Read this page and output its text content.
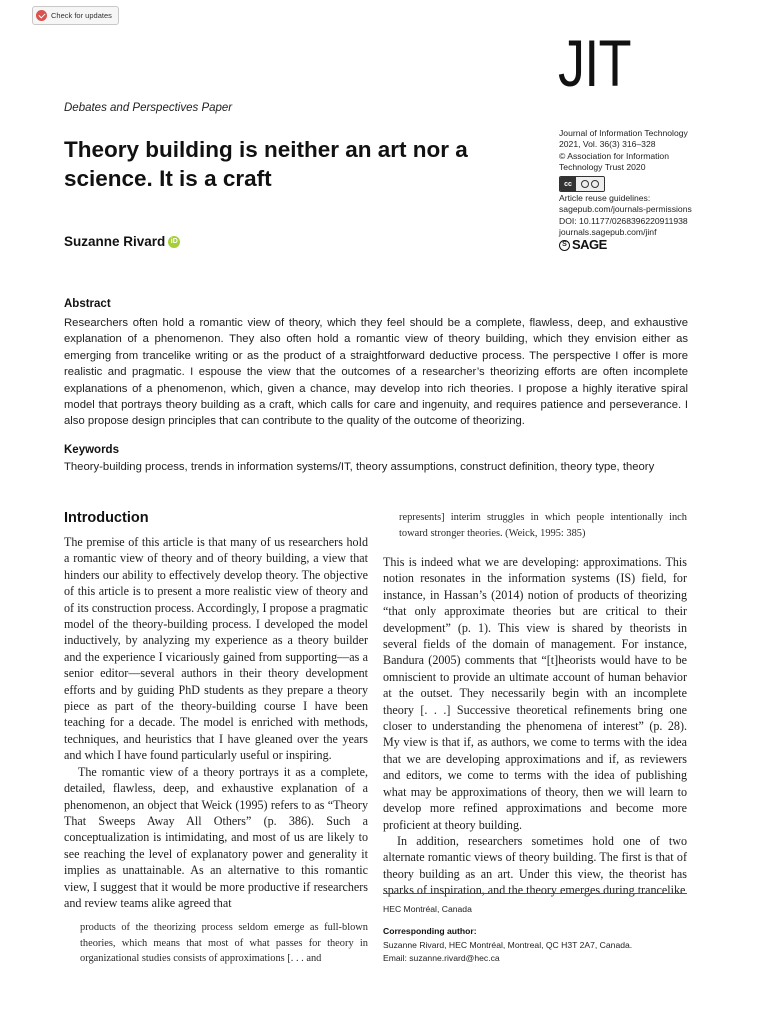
Check for updates
JIT
Debates and Perspectives Paper
Theory building is neither an art nor a science. It is a craft
Suzanne Rivard iD
Journal of Information Technology
2021, Vol. 36(3) 316–328
© Association for Information
Technology Trust 2020
cc
Article reuse guidelines:
sagepub.com/journals-permissions
DOI: 10.1177/0268396220911938
journals.sagepub.com/jinf
S SAGE
Abstract

Researchers often hold a romantic view of theory, which they feel should be a complete, flawless, deep, and exhaustive explanation of a phenomenon. They also often hold a romantic view of theory building, which they envision either as emerging from trancelike writing or as the product of a straightforward deductive process. The perspective I offer is more realistic and pragmatic. I espouse the view that the outcomes of a researcher’s theorizing efforts are often incomplete explanations of a phenomenon, which, given a chance, may develop into rich theories. I propose a highly iterative spiral model that portrays theory building as a craft, which calls for care and ingenuity, and requires patience and perseverance. I also propose design principles that can contribute to the quality of the outcome of theorizing.

Keywords

Theory-building process, trends in information systems/IT, theory assumptions, construct definition, theory type, theory

Introduction

The premise of this article is that many of us researchers hold a romantic view of theory and of theory building, a view that hinders our ability to effectively develop theory. The objective of this article is to present a more realistic view of theory and of its construction process. Accordingly, I propose a pragmatic model of the theory-building process. I developed the model inductively, by analyzing my experience as a theory builder and the experience I vicariously gained from supporting—as a senior editor—several authors in their theory development efforts and by guiding PhD students as they prepare a theory piece as part of the theory-building course I have been teaching for a decade. The model is enriched with methods, techniques, and heuristics that I have gleaned over the years and which I have found particularly useful or inspiring.

The romantic view of a theory portrays it as a complete, detailed, flawless, deep, and exhaustive explanation of a phenomenon, an object that Weick (1995) refers to as “Theory That Sweeps Away All Others” (p. 386). Such a conceptualization is intimidating, and most of us are likely to see reaching the level of explanatory power and generality it implies as unattainable. As an alternative to this romantic view, I suggest that it would be more productive if researchers and review teams alike agreed that

products of the theorizing process seldom emerge as full-blown theories, which means that most of what passes for theory in organizational studies consists of approximations [. . . and

represents] interim struggles in which people intentionally inch toward stronger theories. (Weick, 1995: 385)

This is indeed what we are developing: approximations. This notion resonates in the information systems (IS) field, for instance, in Hassan’s (2014) notion of products of theorizing “that only approximate theories but are critical to their development” (p. 1). This view is shared by theorists in several fields of the domain of management. For instance, Bandura (2005) comments that “[t]heorists would have to be omniscient to provide an ultimate account of human behavior at the outset. They necessarily begin with an incomplete theory [. . .] Successive theoretical refinements bring one closer to understanding the phenomena of interest” (p. 28). My view is that if, as authors, we come to terms with the idea that we are developing approximations and if, as reviewers and editors, we come to terms with the idea of publishing what may be approximations of theory, then we will learn to develop more refined approximations and become more proficient at theory building.

In addition, researchers sometimes hold one of two alternate romantic views of theory building. The first is that of theory building as an art. Under this view, the theorist has sparks of inspiration, and the theory emerges during trancelike

HEC Montréal, Canada
Corresponding author:
Suzanne Rivard, HEC Montréal, Montreal, QC H3T 2A7, Canada.
Email: suzanne.rivard@hec.ca
